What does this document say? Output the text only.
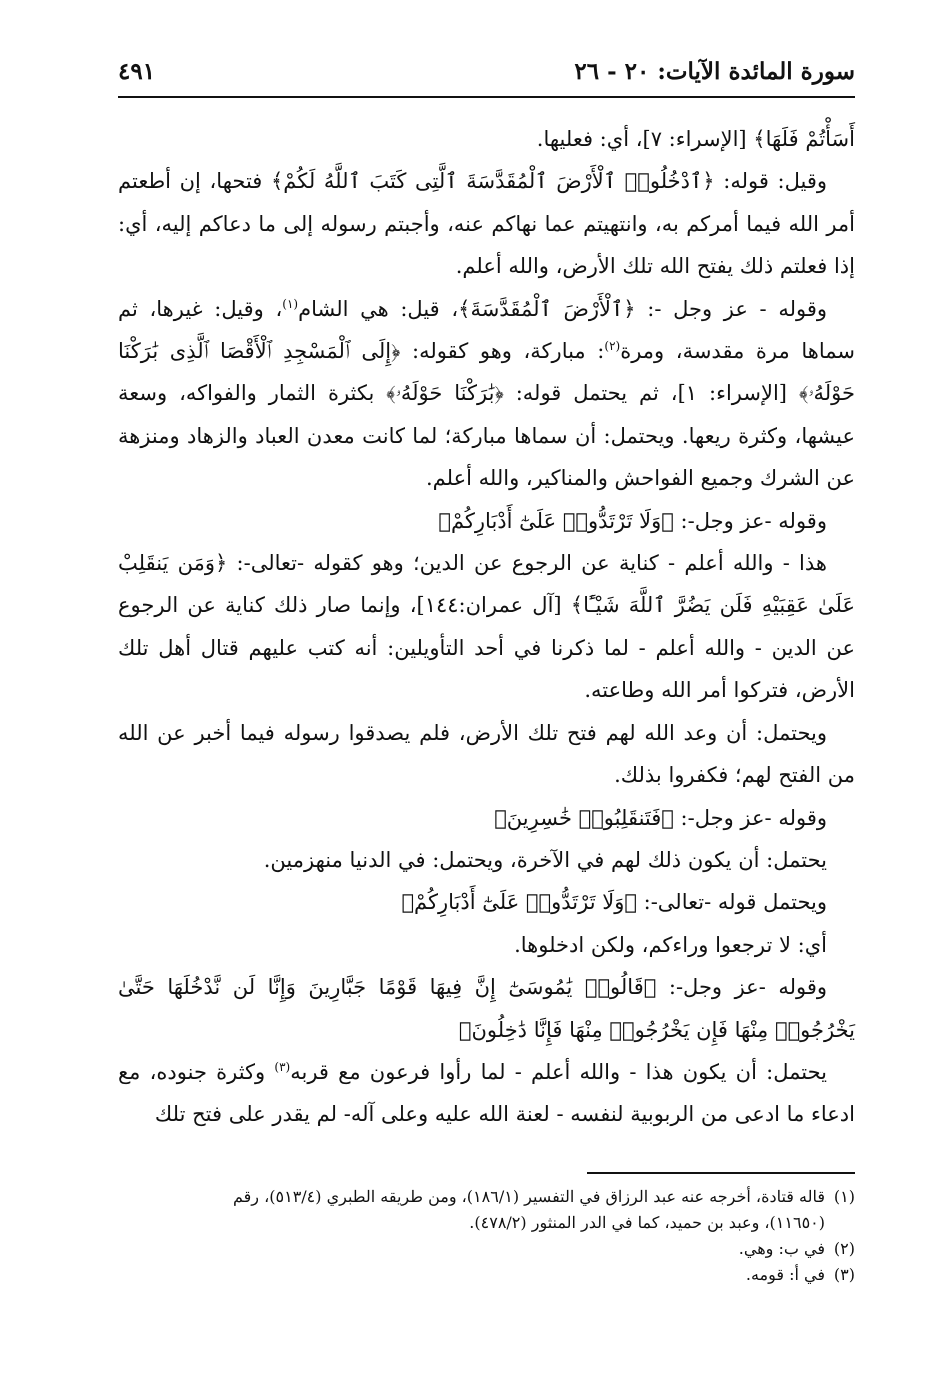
سورة المائدة الآيات: ٢٠ - ٢٦
٤٩١

أَسَأْتُمْ فَلَهَا﴾ [الإسراء: ٧]، أي: فعليها.

وقيل: قوله: ﴿ٱدْخُلُوا۟ ٱلْأَرْضَ ٱلْمُقَدَّسَةَ ٱلَّتِى كَتَبَ ٱللَّهُ لَكُمْ﴾ فتحها، إن أطعتم أمر الله فيما أمركم به، وانتهيتم عما نهاكم عنه، وأجبتم رسوله إلى ما دعاكم إليه، أي: إذا فعلتم ذلك يفتح الله تلك الأرض، والله أعلم.

وقوله - عز وجل -: ﴿ٱلْأَرْضَ ٱلْمُقَدَّسَةَ﴾، قيل: هي الشام$^{(١)}$، وقيل: غيرها، ثم سماها مرة مقدسة، ومرة$^{(٢)}$: مباركة، وهو كقوله: ﴿إِلَى ٱلْمَسْجِدِ ٱلْأَقْصَا ٱلَّذِى بَٰرَكْنَا حَوْلَهُۥ﴾ [الإسراء: ١]، ثم يحتمل قوله: ﴿بَٰرَكْنَا حَوْلَهُۥ﴾ بكثرة الثمار والفواكه، وسعة عيشها، وكثرة ريعها. ويحتمل: أن سماها مباركة؛ لما كانت معدن العباد والزهاد ومنزهة عن الشرك وجميع الفواحش والمناكير، والله أعلم.

وقوله -عز وجل-: ﴿وَلَا تَرْتَدُّوا۟ عَلَىٰٓ أَدْبَارِكُمْ﴾

هذا - والله أعلم - كناية عن الرجوع عن الدين؛ وهو كقوله -تعالى-: ﴿وَمَن يَنقَلِبْ عَلَىٰ عَقِبَيْهِ فَلَن يَضُرَّ ٱللَّهَ شَيْـًٔا﴾ [آل عمران:١٤٤]، وإنما صار ذلك كناية عن الرجوع عن الدين - والله أعلم - لما ذكرنا في أحد التأويلين: أنه كتب عليهم قتال أهل تلك الأرض، فتركوا أمر الله وطاعته.

ويحتمل: أن وعد الله لهم فتح تلك الأرض، فلم يصدقوا رسوله فيما أخبر عن الله من الفتح لهم؛ فكفروا بذلك.

وقوله -عز وجل-: ﴿فَتَنقَلِبُوا۟ خَٰسِرِينَ﴾

يحتمل: أن يكون ذلك لهم في الآخرة، ويحتمل: في الدنيا منهزمين.

ويحتمل قوله -تعالى-: ﴿وَلَا تَرْتَدُّوا۟ عَلَىٰٓ أَدْبَارِكُمْ﴾

أي: لا ترجعوا وراءكم، ولكن ادخلوها.

وقوله -عز وجل-: ﴿قَالُوا۟ يَٰمُوسَىٰٓ إِنَّ فِيهَا قَوْمًا جَبَّارِينَ وَإِنَّا لَن نَّدْخُلَهَا حَتَّىٰ يَخْرُجُوا۟ مِنْهَا فَإِن يَخْرُجُوا۟ مِنْهَا فَإِنَّا دَٰخِلُونَ﴾

يحتمل: أن يكون هذا - والله أعلم - لما رأوا فرعون مع قربه$^{(٣)}$ وكثرة جنوده، مع ادعاء ما ادعى من الربوبية لنفسه - لعنة الله عليه وعلى آله- لم يقدر على فتح تلك

(١)قاله قتادة، أخرجه عنه عبد الرزاق في التفسير (١٨٦/١)، ومن طريقه الطبري (٥١٣/٤)، رقم

(١١٦٥٠)، وعبد بن حميد، كما في الدر المنثور (٤٧٨/٢).

(٢)في ب: وهي.

(٣)في أ: قومه.
